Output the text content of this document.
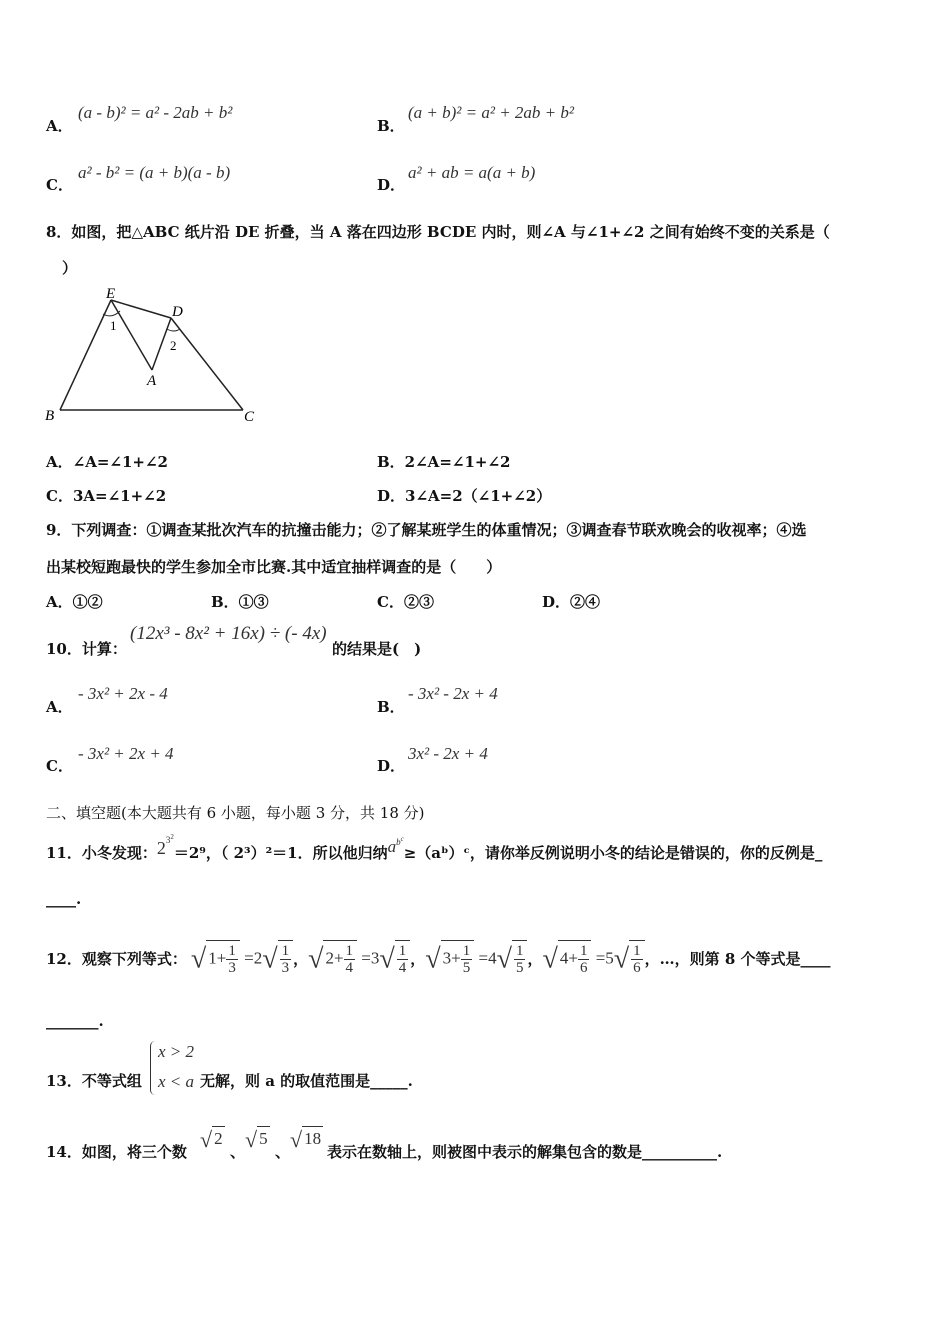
A．
(a - b)² = a² - 2ab + b²
B．
(a + b)² = a² + 2ab + b²
C．
a² - b² = (a + b)(a - b)
D．
a² + ab = a(a + b)
8．如图，把△ABC 纸片沿 DE 折叠，当 A 落在四边形 BCDE 内时，则∠A 与∠1+∠2 之间有始终不变的关系是（
）
E
D
A
B	C
1
2
A．∠A=∠1+∠2	B．2∠A=∠1+∠2
C．3A=∠1+∠2	D．3∠A=2（∠1+∠2）
9．下列调查：①调查某批次汽车的抗撞击能力；②了解某班学生的体重情况；③调查春节联欢晚会的收视率；④选
出某校短跑最快的学生参加全市比赛.其中适宜抽样调查的是（　　）
A．①②	B．①③	C．②③	D．②④
10．计算：
(12x³ - 8x² + 16x) ÷ (- 4x)
的结果是(　)
A．
- 3x² + 2x - 4
B．
- 3x² - 2x + 4
C．
- 3x² + 2x + 4
D．
3x² - 2x + 4
二、填空题(本大题共有 6 小题，每小题 3 分，共 18 分)
11．小冬发现：$2^{3^2}=2^9$，（ 2³）²＝1．所以他归纳$a^{b^c}\ge(aᵇ)ᶜ$，请你举反例说明小冬的结论是错误的，你的反例是_
____.
12．观察下列等式： √ $1+ \frac{1}{3} =2√ \frac{1}{3}$ ， √ $2+ \frac{1}{4} =3√ \frac{1}{4}$ ， √ $3+ \frac{1}{5} =4√ \frac{1}{5}$ ， √ $4+ \frac{1}{6} =5√ \frac{1}{6}$ ，…，则第 8 个等式是____
_______.
13．不等式组
x > 2
x < a 无解，则 a 的取值范围是_____.
14．如图，将三个数 √ 2
、 √ 5
、 √ 18
表示在数轴上，则被图中表示的解集包含的数是__________.
